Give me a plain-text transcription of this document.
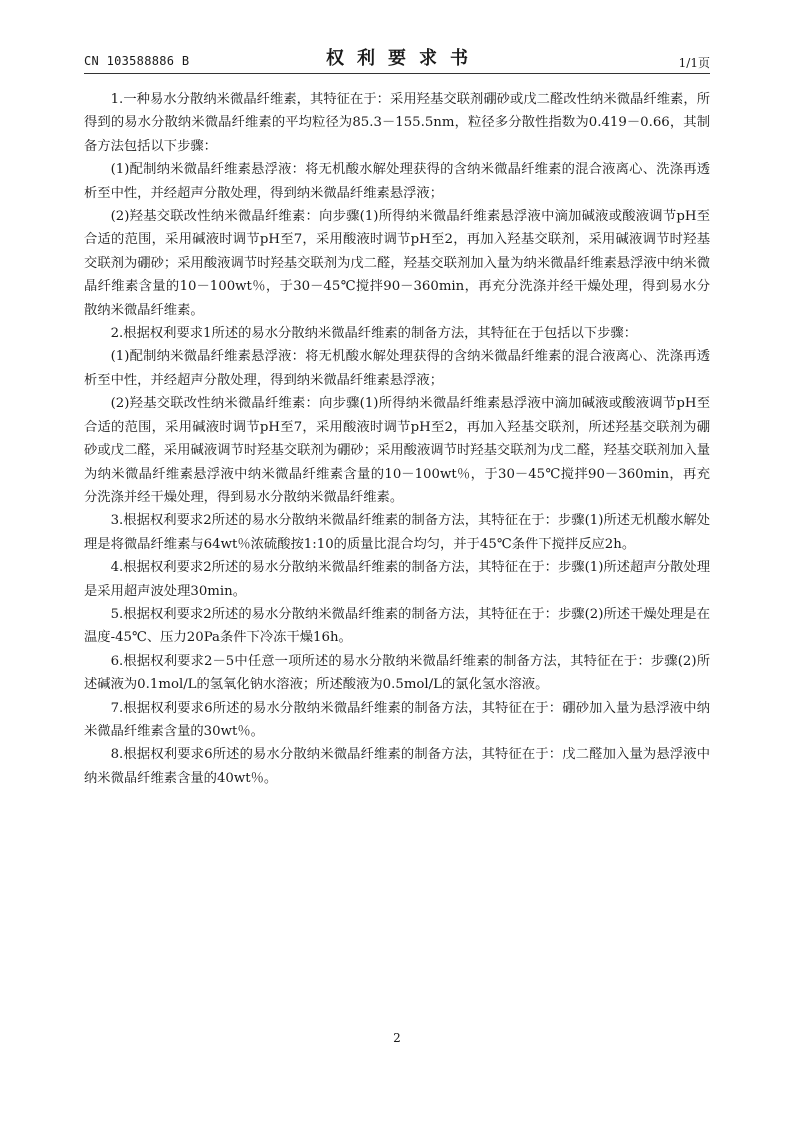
CN 103588886 B	权利要求书	1/1页

1.一种易水分散纳米微晶纤维素，其特征在于：采用羟基交联剂硼砂或戊二醛改性纳米微晶纤维素，所得到的易水分散纳米微晶纤维素的平均粒径为85.3－155.5nm，粒径多分散性指数为0.419－0.66，其制备方法包括以下步骤：

(1)配制纳米微晶纤维素悬浮液：将无机酸水解处理获得的含纳米微晶纤维素的混合液离心、洗涤再透析至中性，并经超声分散处理，得到纳米微晶纤维素悬浮液；

(2)羟基交联改性纳米微晶纤维素：向步骤(1)所得纳米微晶纤维素悬浮液中滴加碱液或酸液调节pH至合适的范围，采用碱液时调节pH至7，采用酸液时调节pH至2，再加入羟基交联剂，采用碱液调节时羟基交联剂为硼砂；采用酸液调节时羟基交联剂为戊二醛，羟基交联剂加入量为纳米微晶纤维素悬浮液中纳米微晶纤维素含量的10－100wt％，于30－45℃搅拌90－360min，再充分洗涤并经干燥处理，得到易水分散纳米微晶纤维素。

2.根据权利要求1所述的易水分散纳米微晶纤维素的制备方法，其特征在于包括以下步骤：

(1)配制纳米微晶纤维素悬浮液：将无机酸水解处理获得的含纳米微晶纤维素的混合液离心、洗涤再透析至中性，并经超声分散处理，得到纳米微晶纤维素悬浮液；

(2)羟基交联改性纳米微晶纤维素：向步骤(1)所得纳米微晶纤维素悬浮液中滴加碱液或酸液调节pH至合适的范围，采用碱液时调节pH至7，采用酸液时调节pH至2，再加入羟基交联剂，所述羟基交联剂为硼砂或戊二醛，采用碱液调节时羟基交联剂为硼砂；采用酸液调节时羟基交联剂为戊二醛，羟基交联剂加入量为纳米微晶纤维素悬浮液中纳米微晶纤维素含量的10－100wt％，于30－45℃搅拌90－360min，再充分洗涤并经干燥处理，得到易水分散纳米微晶纤维素。

3.根据权利要求2所述的易水分散纳米微晶纤维素的制备方法，其特征在于：步骤(1)所述无机酸水解处理是将微晶纤维素与64wt％浓硫酸按1:10的质量比混合均匀，并于45℃条件下搅拌反应2h。

4.根据权利要求2所述的易水分散纳米微晶纤维素的制备方法，其特征在于：步骤(1)所述超声分散处理是采用超声波处理30min。

5.根据权利要求2所述的易水分散纳米微晶纤维素的制备方法，其特征在于：步骤(2)所述干燥处理是在温度-45℃、压力20Pa条件下冷冻干燥16h。

6.根据权利要求2－5中任意一项所述的易水分散纳米微晶纤维素的制备方法，其特征在于：步骤(2)所述碱液为0.1mol/L的氢氧化钠水溶液；所述酸液为0.5mol/L的氯化氢水溶液。

7.根据权利要求6所述的易水分散纳米微晶纤维素的制备方法，其特征在于：硼砂加入量为悬浮液中纳米微晶纤维素含量的30wt％。

8.根据权利要求6所述的易水分散纳米微晶纤维素的制备方法，其特征在于：戊二醛加入量为悬浮液中纳米微晶纤维素含量的40wt％。

2
